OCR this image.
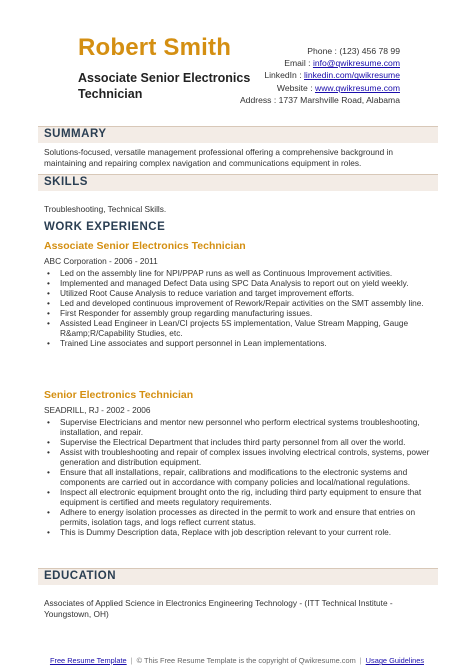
Robert Smith
Associate Senior Electronics Technician
Phone : (123) 456 78 99
Email : info@qwikresume.com
LinkedIn : linkedin.com/qwikresume
Website : www.qwikresume.com
Address : 1737 Marshville Road, Alabama
SUMMARY
Solutions-focused, versatile management professional offering a comprehensive background in maintaining and repairing complex navigation and communications equipment in roles.
SKILLS
Troubleshooting, Technical Skills.
WORK EXPERIENCE
Associate Senior Electronics Technician
ABC Corporation - 2006 - 2011
• Led on the assembly line for NPI/PPAP runs as well as Continuous Improvement activities.
• Implemented and managed Defect Data using SPC Data Analysis to report out on yield weekly.
• Utilized Root Cause Analysis to reduce variation and target improvement efforts.
• Led and developed continuous improvement of Rework/Repair activities on the SMT assembly line.
• First Responder for assembly group regarding manufacturing issues.
• Assisted Lead Engineer in Lean/CI projects 5S implementation, Value Stream Mapping, Gauge R&amp;R/Capability Studies, etc.
• Trained Line associates and support personnel in Lean implementations.
Senior Electronics Technician
SEADRILL, RJ - 2002 - 2006
• Supervise Electricians and mentor new personnel who perform electrical systems troubleshooting, installation, and repair.
• Supervise the Electrical Department that includes third party personnel from all over the world.
• Assist with troubleshooting and repair of complex issues involving electrical controls, systems, power generation and distribution equipment.
• Ensure that all installations, repair, calibrations and modifications to the electronic systems and components are carried out in accordance with company policies and local/national regulations.
• Inspect all electronic equipment brought onto the rig, including third party equipment to ensure that equipment is certified and meets regulatory requirements.
• Adhere to energy isolation processes as directed in the permit to work and ensure that entries on permits, isolation tags, and logs reflect current status.
• This is Dummy Description data, Replace with job description relevant to your current role.
EDUCATION
Associates of Applied Science in Electronics Engineering Technology - (ITT Technical Institute - Youngstown, OH)
Free Resume Template | © This Free Resume Template is the copyright of Qwikresume.com | Usage Guidelines
